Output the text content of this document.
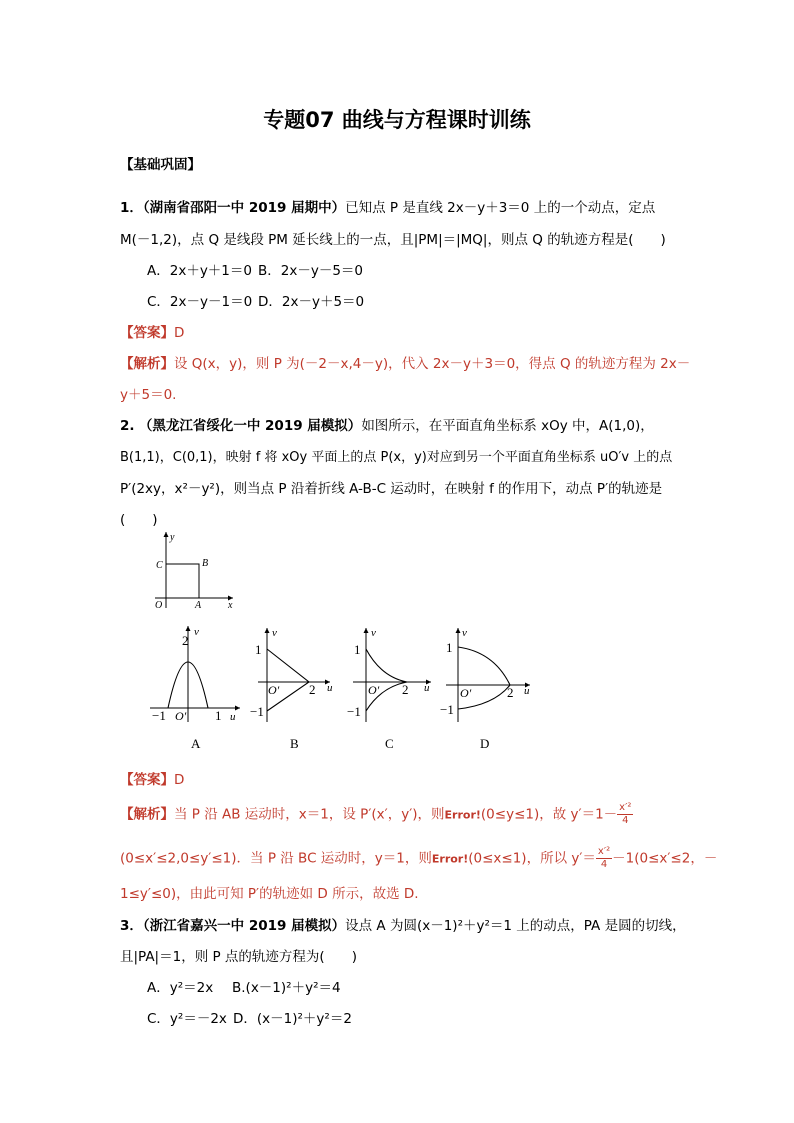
专题07 曲线与方程课时训练
【基础巩固】
1．（湖南省邵阳一中 2019 届期中）已知点 P 是直线 2x－y＋3＝0 上的一个动点，定点
M(－1,2)，点 Q 是线段 PM 延长线上的一点，且|PM|＝|MQ|，则点 Q 的轨迹方程是(　　)
A．2x＋y＋1＝0 B．2x－y－5＝0
C．2x－y－1＝0 D．2x－y＋5＝0
【答案】D
【解析】设 Q(x，y)，则 P 为(－2－x,4－y)，代入 2x－y＋3＝0，得点 Q 的轨迹方程为 2x－
y＋5＝0.
2. （黑龙江省绥化一中 2019 届模拟）如图所示，在平面直角坐标系 xOy 中，A(1,0)，
B(1,1)，C(0,1)，映射 f 将 xOy 平面上的点 P(x，y)对应到另一个平面直角坐标系 uO′v 上的点
P′(2xy，x²－y²)，则当点 P 沿着折线 A-B-C 运动时，在映射 f 的作用下，动点 P′的轨迹是
(　　)
y
x
C	B
O	A
v
2
−1 O′ 1 u
A
v
1
O′ 2 u
−1
B
v
1
O′ 2 u
−1
C
v
1
O′	2 u
−1
D
【答案】D
【解析】当 P 沿 AB 运动时，x＝1，设 P′(x′，y′)，则Error!(0≤y≤1)，故 $y'=1- \frac{\text{x′²}}{4}$
(0≤x′≤2,0≤y′≤1)．当 P 沿 BC 运动时，y＝1，则Error!(0≤x≤1)，所以 $y'= \frac{\text{x′²}}{4} -1(0\le x'\le 2$，－
1≤y′≤0)，由此可知 P′的轨迹如 D 所示，故选 D.
3．（浙江省嘉兴一中 2019 届模拟）设点 A 为圆(x－1)²＋y²＝1 上的动点，PA 是圆的切线，
且|PA|＝1，则 P 点的轨迹方程为(　　)
A．y²＝2x B.(x－1)²＋y²＝4
C．y²＝－2x D．(x－1)²＋y²＝2
